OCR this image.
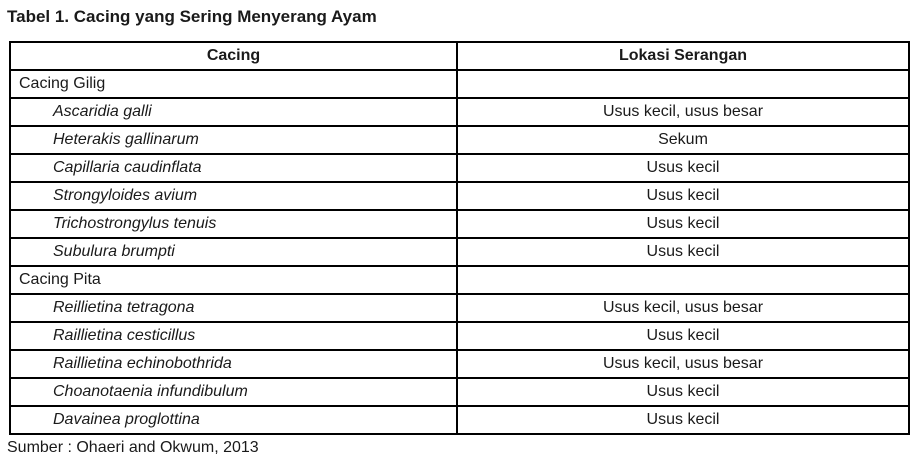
Tabel 1. Cacing yang Sering Menyerang Ayam
Cacing	Lokasi Serangan
Cacing Gilig	
Ascaridia galli	Usus kecil, usus besar
Heterakis gallinarum	Sekum
Capillaria caudinflata	Usus kecil
Strongyloides avium	Usus kecil
Trichostrongylus tenuis	Usus kecil
Subulura brumpti	Usus kecil
Cacing Pita	
Reillietina tetragona	Usus kecil, usus besar
Raillietina cesticillus	Usus kecil
Raillietina echinobothrida	Usus kecil, usus besar
Choanotaenia infundibulum	Usus kecil
Davainea proglottina	Usus kecil
Sumber : Ohaeri and Okwum, 2013
